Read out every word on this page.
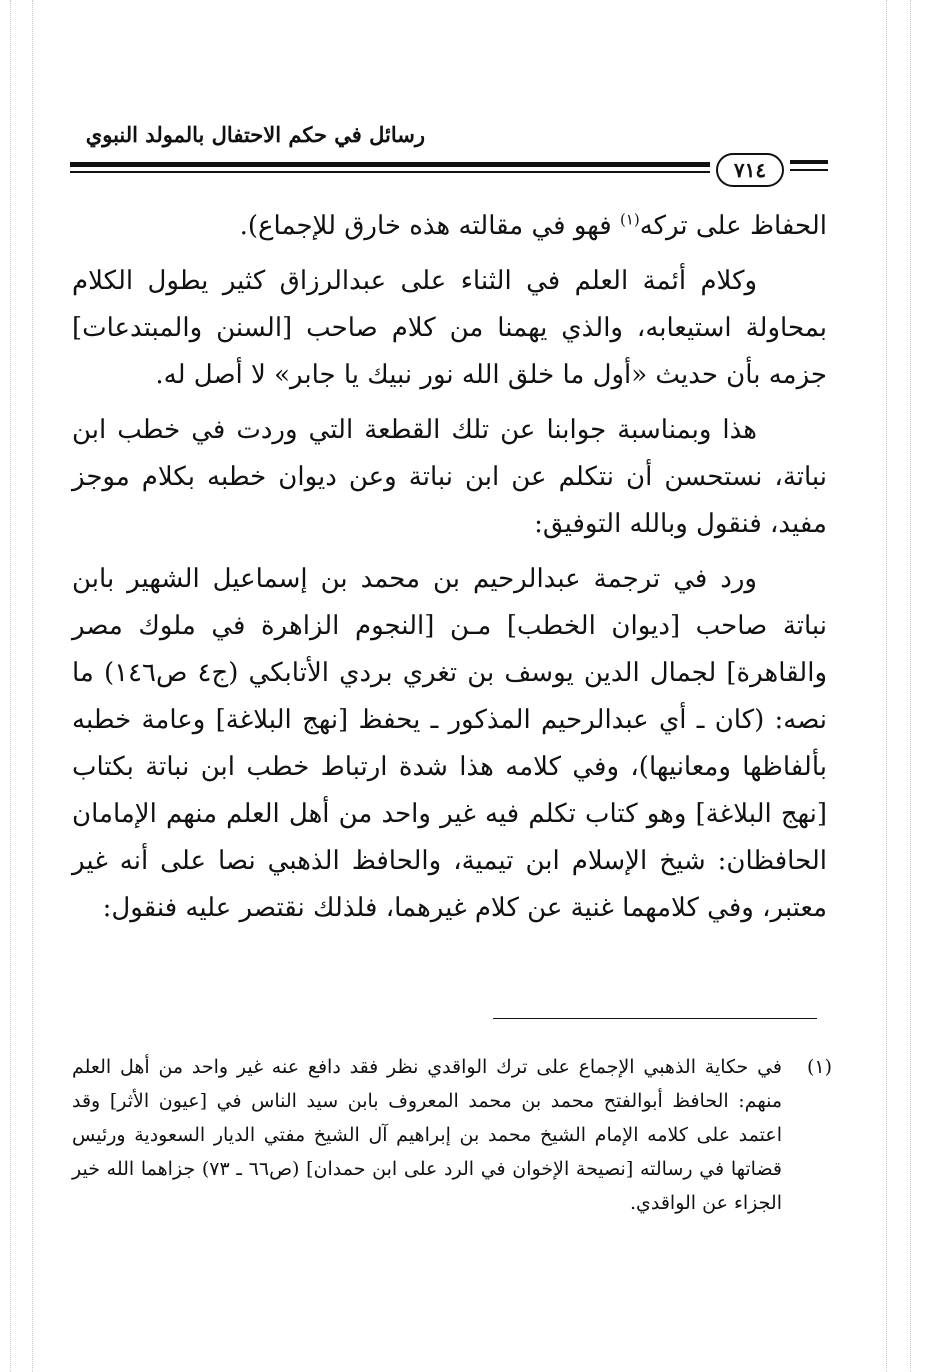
رسائل في حكم الاحتفال بالمولد النبوي
٧١٤

الحفاظ على تركه$^{(١)}$ فهو في مقالته هذه خارق للإجماع).

وكلام أئمة العلم في الثناء على عبدالرزاق كثير يطول الكلام بمحاولة استيعابه، والذي يهمنا من كلام صاحب [السنن والمبتدعات] جزمه بأن حديث «أول ما خلق الله نور نبيك يا جابر» لا أصل له.

هذا وبمناسبة جوابنا عن تلك القطعة التي وردت في خطب ابن نباتة، نستحسن أن نتكلم عن ابن نباتة وعن ديوان خطبه بكلام موجز مفيد، فنقول وبالله التوفيق:

ورد في ترجمة عبدالرحيم بن محمد بن إسماعيل الشهير بابن نباتة صاحب [ديوان الخطب] مـن [النجوم الزاهرة في ملوك مصر والقاهرة] لجمال الدين يوسف بن تغري بردي الأتابكي (ج٤ ص١٤٦) ما نصه: (كان ـ أي عبدالرحيم المذكور ـ يحفظ [نهج البلاغة] وعامة خطبه بألفاظها ومعانيها)، وفي كلامه هذا شدة ارتباط خطب ابن نباتة بكتاب [نهج البلاغة] وهو كتاب تكلم فيه غير واحد من أهل العلم منهم الإمامان الحافظان: شيخ الإسلام ابن تيمية، والحافظ الذهبي نصا على أنه غير معتبر، وفي كلامهما غنية عن كلام غيرهما، فلذلك نقتصر عليه فنقول:

(١)
في حكاية الذهبي الإجماع على ترك الواقدي نظر فقد دافع عنه غير واحد من أهل العلم منهم: الحافظ أبوالفتح محمد بن محمد المعروف بابن سيد الناس في [عيون الأثر] وقد اعتمد على كلامه الإمام الشيخ محمد بن إبراهيم آل الشيخ مفتي الديار السعودية ورئيس قضاتها في رسالته [نصيحة الإخوان في الرد على ابن حمدان] (ص٦٦ ـ ٧٣) جزاهما الله خير الجزاء عن الواقدي.
